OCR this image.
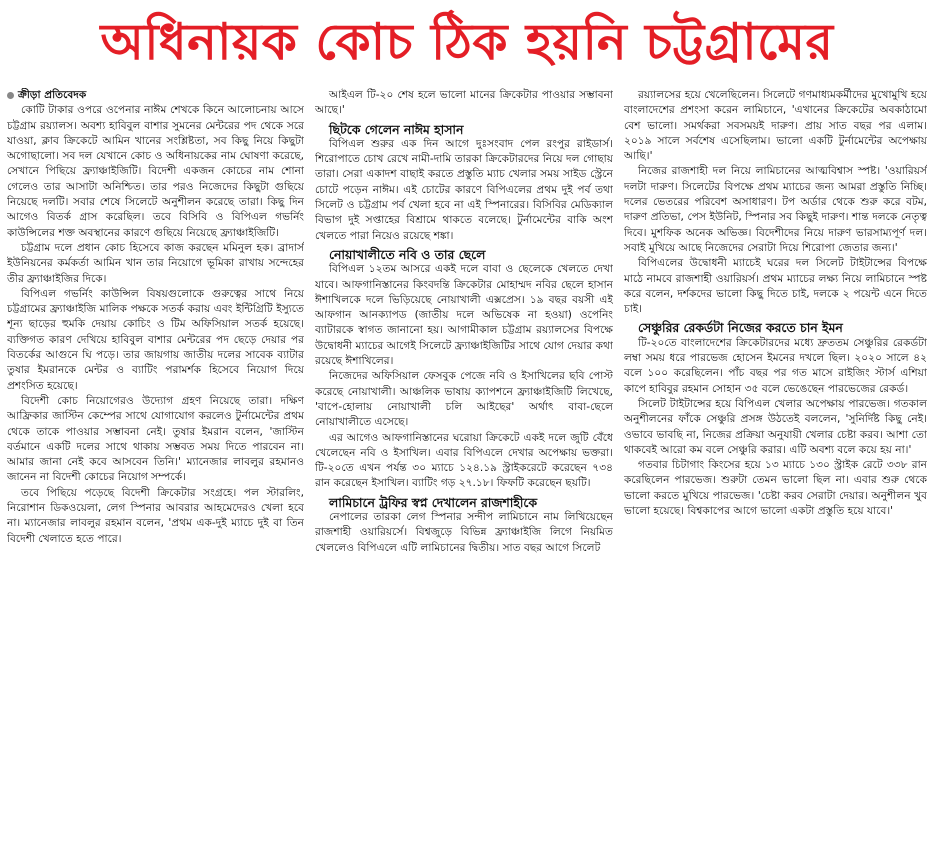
অধিনায়ক কোচ ঠিক হয়নি চট্টগ্রামের
ক্রীড়া প্রতিবেদক

কোটি টাকার ওপরে ওপেনার নাঈম শেখকে কিনে আলোচনায় আসে চট্টগ্রাম রয়্যালস। অবশ্য হাবিবুল বাশার সুমনের মেন্টরের পদ থেকে সরে যাওয়া, ক্লাব ক্রিকেটে আমিন খানের সংশ্লিষ্টতা, সব কিছু নিয়ে কিছুটা অগোছালো। সব দল যেখানে কোচ ও অধিনায়কের নাম ঘোষণা করেছে, সেখানে পিছিয়ে ফ্র্যাঞ্চাইজিটি। বিদেশী একজন কোচের নাম শোনা গেলেও তার আসাটা অনিশ্চিত। তার পরও নিজেদের কিছুটা গুছিয়ে নিয়েছে দলটি। সবার শেষে সিলেটে অনুশীলন করেছে তারা। কিছু দিন আগেও বিতর্ক গ্রাস করেছিল। তবে বিসিবি ও বিপিএল গভর্নিং কাউন্সিলের শক্ত অবস্থানের কারণে গুছিয়ে নিয়েছে ফ্র্যাঞ্চাইজিটি।

চট্টগ্রাম দলে প্রধান কোচ হিসেবে কাজ করছেন মমিনুল হক। ব্রাদার্স ইউনিয়নের কর্মকর্তা আমিন খান তার নিয়োগে ভূমিকা রাখায় সন্দেহের তীর ফ্র্যাঞ্চাইজির দিকে।

বিপিএল গভর্নিং কাউন্সিল বিষয়গুলোকে গুরুত্বের সাথে নিয়ে চট্টগ্রামের ফ্র্যাঞ্চাইজি মালিক পক্ষকে সতর্ক করায় এবং ইন্টিগ্রিটি ইস্যুতে শূন্য ছাড়ের হুমকি দেয়ায় কোচিং ও টিম অফিসিয়াল সতর্ক হয়েছে। ব্যক্তিগত কারণ দেখিয়ে হাবিবুল বাশার মেন্টরের পদ ছেড়ে দেয়ার পর বিতর্কের আগুনে ঘি পড়ে। তার জায়গায় জাতীয় দলের সাবেক ব্যাটার তুষার ইমরানকে মেন্টর ও ব্যাটিং পরামর্শক হিসেবে নিয়োগ দিয়ে প্রশংসিত হয়েছে।

বিদেশী কোচ নিয়োগেরও উদ্যোগ গ্রহণ নিয়েছে তারা। দক্ষিণ আফ্রিকার জাস্টিন কেম্পের সাথে যোগাযোগ করলেও টুর্নামেন্টের প্রথম থেকে তাকে পাওয়ার সম্ভাবনা নেই। তুষার ইমরান বলেন, 'জাস্টিন বর্তমানে একটি দলের সাথে থাকায় সম্ভবত সময় দিতে পারবেন না। আমার জানা নেই কবে আসবেন তিনি।' ম্যানেজার লাবলুর রহমানও জানেন না বিদেশী কোচের নিয়োগ সম্পর্কে।

তবে পিছিয়ে পড়েছে বিদেশী ক্রিকেটার সংগ্রহে। পল স্টারলিং, নিরোশান ডিকওয়েলা, লেগ স্পিনার আবরার আহমেদেরও খেলা হবে না। ম্যানেজার লাবলুর রহমান বলেন, 'প্রথম এক-দুই ম্যাচে দুই বা তিন বিদেশী খেলাতে হতে পারে।

আইএল টি-২০ শেষ হলে ভালো মানের ক্রিকেটার পাওয়ার সম্ভাবনা আছে।'

ছিটকে গেলেন নাঈম হাসান

বিপিএল শুরুর এক দিন আগে দুঃসংবাদ পেল রংপুর রাইডার্স। শিরোপাতে চোখ রেখে নামী-দামি তারকা ক্রিকেটারদের নিয়ে দল গোছায় তারা। সেরা একাদশ বাছাই করতে প্রস্তুতি ম্যাচ খেলার সময় সাইড স্ট্রেনে চোটে পড়েন নাঈম। এই চোটের কারণে বিপিএলের প্রথম দুই পর্ব তথা সিলেট ও চট্টগ্রাম পর্ব খেলা হবে না এই স্পিনারের। বিসিবির মেডিক্যাল বিভাগ দুই সপ্তাহের বিশ্রামে থাকতে বলেছে। টুর্নামেন্টের বাকি অংশ খেলতে পারা নিয়েও রয়েছে শঙ্কা।

নোয়াখালীতে নবি ও তার ছেলে

বিপিএল ১২তম আসরে একই দলে বাবা ও ছেলেকে খেলতে দেখা যাবে। আফগানিস্তানের কিংবদন্তি ক্রিকেটার মোহাম্মদ নবির ছেলে হাসান ঈশাখিলকে দলে ভিড়িয়েছে নোয়াখালী এক্সপ্রেস। ১৯ বছর বয়সী এই আফগান আনক্যাপড (জাতীয় দলে অভিষেক না হওয়া) ওপেনিং ব্যাটারকে স্বাগত জানানো হয়। আগামীকাল চট্টগ্রাম রয়্যালসের বিপক্ষে উদ্বোধনী ম্যাচের আগেই সিলেটে ফ্র্যাঞ্চাইজিটির সাথে যোগ দেয়ার কথা রয়েছে ঈশাখিলের।

নিজেদের অফিসিয়াল ফেসবুক পেজে নবি ও ইসাখিলের ছবি পোস্ট করেছে নোয়াখালী। আঞ্চলিক ভাষায় ক্যাপশনে ফ্র্যাঞ্চাইজিটি লিখেছে, 'বাপে-হোলায় নোয়াখালী চলি আইছের' অর্থাৎ বাবা-ছেলে নোয়াখালীতে এসেছে।

এর আগেও আফগানিস্তানের ঘরোয়া ক্রিকেটে একই দলে জুটি বেঁধে খেলেছেন নবি ও ইসাখিল। এবার বিপিএলে দেখার অপেক্ষায় ভক্তরা। টি-২০তে এখন পর্যন্ত ৩০ ম্যাচে ১২৪.১৯ স্ট্রাইকরেটে করেছেন ৭৩৪ রান করেছেন ইসাখিল। ব্যাটিং গড় ২৭.১৮। ফিফটি করেছেন ছয়টি।

লামিচানে ট্রফির স্বপ্ন দেখালেন রাজশাহীকে

নেপালের তারকা লেগ স্পিনার সন্দীপ লামিচানে নাম লিখিয়েছেন রাজশাহী ওয়ারিয়র্সে। বিশ্বজুড়ে বিভিন্ন ফ্র্যাঞ্চাইজি লিগে নিয়মিত খেললেও বিপিএলে এটি লামিচানের দ্বিতীয়। সাত বছর আগে সিলেট

রয়্যালসের হয়ে খেলেছিলেন। সিলেটে গণমাধ্যমকর্মীদের মুখোমুখি হয়ে বাংলাদেশের প্রশংসা করেন লামিচানে, 'এখানের ক্রিকেটের অবকাঠামো বেশ ভালো। সমর্থকরা সবসময়ই দারুণ। প্রায় সাত বছর পর এলাম। ২০১৯ সালে সর্বশেষ এসেছিলাম। ভালো একটি টুর্নামেন্টের অপেক্ষায় আছি।'

নিজের রাজশাহী দল নিয়ে লামিচানের আত্মবিশ্বাস স্পষ্ট। 'ওয়ারিয়র্স দলটা দারুণ। সিলেটের বিপক্ষে প্রথম ম্যাচের জন্য আমরা প্রস্তুতি নিচ্ছি। দলের ভেতরের পরিবেশ অসাধারণ। টপ অর্ডার থেকে শুরু করে বটম, দারুণ প্রতিভা, পেস ইউনিট, স্পিনার সব কিছুই দারুণ। শান্ত দলকে নেতৃত্ব দিবে। মুশফিক অনেক অভিজ্ঞ। বিদেশীদের নিয়ে দারুণ ভারসাম্যপূর্ণ দল। সবাই মুখিয়ে আছে নিজেদের সেরাটা দিয়ে শিরোপা জেতার জন্য।'

বিপিএলের উদ্বোধনী ম্যাচেই ঘরের দল সিলেট টাইটান্সের বিপক্ষে মাঠে নামবে রাজশাহী ওয়ারিয়র্স। প্রথম ম্যাচের লক্ষ্য নিয়ে লামিচানে স্পষ্ট করে বলেন, দর্শকদের ভালো কিছু দিতে চাই, দলকে ২ পয়েন্ট এনে দিতে চাই।

সেঞ্চুরির রেকর্ডটা নিজের করতে চান ইমন

টি-২০তে বাংলাদেশের ক্রিকেটারদের মধ্যে দ্রুততম সেঞ্চুরির রেকর্ডটা লম্বা সময় ধরে পারভেজ হোসেন ইমনের দখলে ছিল। ২০২০ সালে ৪২ বলে ১০০ করেছিলেন। পাঁচ বছর পর গত মাসে রাইজিং স্টার্স এশিয়া কাপে হাবিবুর রহমান সোহান ৩৫ বলে ভেঙেছেন পারভেজের রেকর্ড।

সিলেট টাইটান্সের হয়ে বিপিএল খেলার অপেক্ষায় পারভেজ। গতকাল অনুশীলনের ফাঁকে সেঞ্চুরি প্রসঙ্গ উঠতেই বললেন, 'সুনির্দিষ্ট কিছু নেই। ওভাবে ভাবছি না, নিজের প্রক্রিয়া অনুযায়ী খেলার চেষ্টা করব। আশা তো থাকবেই আরো কম বলে সেঞ্চুরি করার। এটি অবশ্য বলে কয়ে হয় না।'

গতবার চিটাগাং কিংসের হয়ে ১৩ ম্যাচে ১৩০ স্ট্রাইক রেটে ৩৩৮ রান করেছিলেন পারভেজ। শুরুটা তেমন ভালো ছিল না। এবার শুরু থেকে ভালো করতে মুখিয়ে পারভেজ। 'চেষ্টা করব সেরাটা দেয়ার। অনুশীলন খুব ভালো হয়েছে। বিশ্বকাপের আগে ভালো একটা প্রস্তুতি হয়ে যাবে।'
